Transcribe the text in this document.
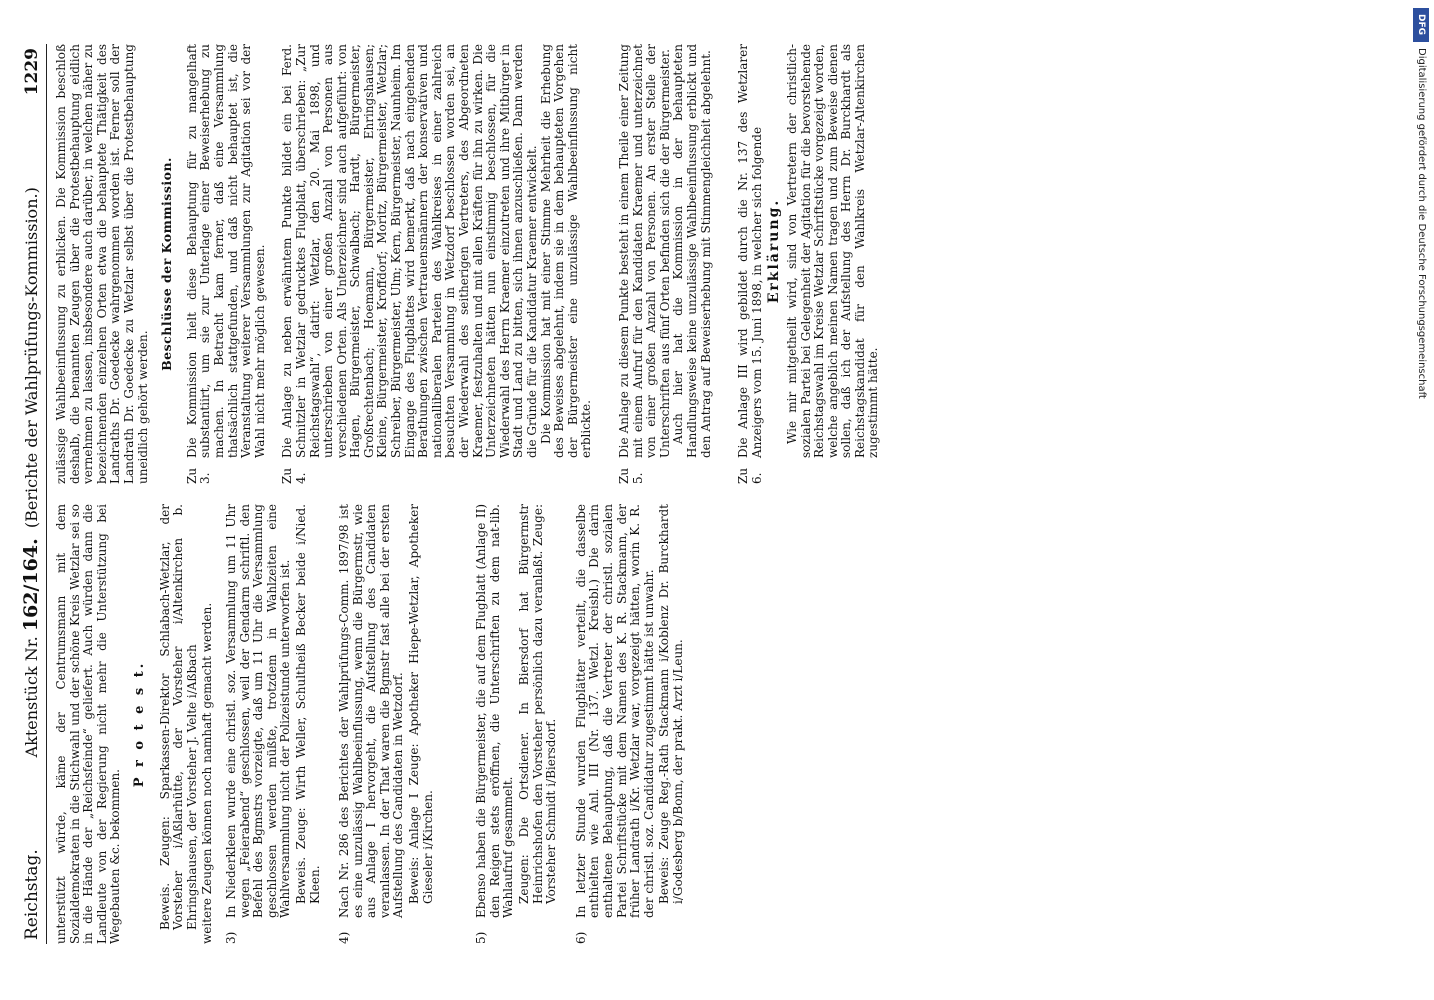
DFG
Digitalisierung gefördert durch die Deutsche Forschungsgemeinschaft
Reichstag.
Aktenstück Nr. 162/164.  (Berichte der Wahlprüfungs-Kommission.)
1229
unterstützt würde, käme der Centrumsmann mit dem Sozialdemokraten in die Stichwahl und der schöne Kreis Wetzlar sei so in die Hände der „Reichsfeinde“ geliefert. Auch würden dann die Landleute von der Regierung nicht mehr die Unterstützung bei Wegebauten &c. bekommen.
P r o t e s t. Beweis. Zeugen: Sparkassen-Direktor Schlabach-Wetzlar, der Vorsteher i/Aßlarhütte, der Vorsteher i/Altenkirchen b. Ehringshausen, der Vorsteher J. Velte i/Aßbach weitere Zeugen können noch namhaft gemacht werden. 3)
In Niederkleen wurde eine christl. soz. Versammlung um 11 Uhr wegen „Feierabend“ geschlossen, weil der Gendarm schriftl. den Befehl des Bgmstrs vorzeigte, daß um 11 Uhr die Versammlung geschlossen werden müßte, trotzdem in Wahlzeiten eine Wahlversammlung nicht der Polizeistunde unterworfen ist. Beweis. Zeuge: Wirth Weller, Schultheiß Becker beide i/Nied. Kleen.
4)
Nach Nr. 286 des Berichtes der Wahlprüfungs-Comm. 1897/98 ist es eine unzulässig Wahlbeeinflussung, wenn die Bürgermstr, wie aus Anlage I hervorgeht, die Aufstellung des Candidaten veranlassen. In der That waren die Bgmstr fast alle bei der ersten Aufstellung des Candidaten in Wetzdorf. Beweis: Anlage I Zeuge: Apotheker Hiepe-Wetzlar, Apotheker Gieseler i/Kirchen.
5)
Ebenso haben die Bürgermeister, die auf dem Flugblatt (Anlage II) den Reigen stets eröffnen, die Unterschriften zu dem nat-lib. Wahlaufruf gesammelt. Zeugen: Die Ortsdiener. In Biersdorf hat Bürgermstr Heinrichshofen den Vorsteher persönlich dazu veranlaßt. Zeuge: Vorsteher Schmidt i/Biersdorf.
6)
In letzter Stunde wurden Flugblätter verteilt, die dasselbe enthielten wie Anl. III (Nr. 137. Wetzl. Kreisbl.) Die darin enthaltene Behauptung, daß die Vertreter der christl. sozialen Partei Schriftstücke mit dem Namen des K. R. Stackmann, der früher Landrath i/Kr. Wetzlar war, vorgezeigt hätten, worin K. R. der christl. soz. Candidatur zugestimmt hätte ist unwahr. Beweis: Zeuge Reg.-Rath Stackmann i/Koblenz Dr. Burckhardt i/Godesberg b/Bonn, der prakt. Arzt i/Leun.
zulässige Wahlbeeinflussung zu erblicken. Die Kommission beschloß deshalb, die benannten Zeugen über die Protestbehauptung eidlich vernehmen zu lassen, insbesondere auch darüber, in welchen näher zu bezeichnenden einzelnen Orten etwa die behauptete Thätigkeit des Landraths Dr. Goedecke wahrgenommen worden ist. Ferner soll der Landrath Dr. Goedecke zu Wetzlar selbst über die Protestbehauptung uneidlich gehört werden.
Beschlüsse der Kommission.
Zu 3.
Die Kommission hielt diese Behauptung für zu mangelhaft substantiirt, um sie zur Unterlage einer Beweiserhebung zu machen. In Betracht kam ferner, daß eine Versammlung thatsächlich stattgefunden, und daß nicht behauptet ist, die Veranstaltung weiterer Versammlungen zur Agitation sei vor der Wahl nicht mehr möglich gewesen.
Zu 4.
Die Anlage zu neben erwähntem Punkte bildet ein bei Ferd. Schnitzler in Wetzlar gedrucktes Flugblatt, überschrieben: „Zur Reichstagswahl“, datirt: Wetzlar, den 20. Mai 1898, und unterschrieben von einer großen Anzahl von Personen aus verschiedenen Orten. Als Unterzeichner sind auch aufgeführt: von Hagen, Bürgermeister, Schwalbach; Hardt, Bürgermeister, Großrechtenbach; Hoemann, Bürgermeister, Ehringshausen; Kleine, Bürgermeister, Kroffdorf; Moritz, Bürgermeister, Wetzlar; Schreiber, Bürgermeister, Ulm; Kern, Bürgermeister, Naunheim. Im Eingange des Flugblattes wird bemerkt, daß nach eingehenden Berathungen zwischen Vertrauensmännern der konservativen und nationalliberalen Parteien des Wahlkreises in einer zahlreich besuchten Versammlung in Wetzdorf beschlossen worden sei, an der Wiederwahl des seitherigen Vertreters, des Abgeordneten Kraemer, festzuhalten und mit allen Kräften für ihn zu wirken. Die Unterzeichneten hätten nun einstimmig beschlossen, für die Wiederwahl des Herrn Kraemer einzutreten und ihre Mitbürger in Stadt und Land zu bitten, sich ihnen anzuschließen. Dann werden die Gründe für die Kandidatur Kraemer entwickelt. Die Kommission hat mit einer Stimme Mehrheit die Erhebung des Beweises abgelehnt, indem sie in dem behaupteten Vorgehen der Bürgermeister eine unzulässige Wahlbeeinflussung nicht erblickte.
Zu 5.
Die Anlage zu diesem Punkte besteht in einem Theile einer Zeitung mit einem Aufruf für den Kandidaten Kraemer und unterzeichnet von einer großen Anzahl von Personen. An erster Stelle der Unterschriften aus fünf Orten befinden sich die der Bürgermeister. Auch hier hat die Kommission in der behaupteten Handlungsweise keine unzulässige Wahlbeeinflussung erblickt und den Antrag auf Beweiserhebung mit Stimmengleichheit abgelehnt.
Zu 6.
Die Anlage III wird gebildet durch die Nr. 137 des Wetzlarer Anzeigers vom 15. Juni 1898, in welcher sich folgende Erklärung. Wie mir mitgetheilt wird, sind von Vertretern der christlich-sozialen Partei bei Gelegenheit der Agitation für die bevorstehende Reichstagswahl im Kreise Wetzlar Schriftstücke vorgezeigt worden, welche angeblich meinen Namen tragen und zum Beweise dienen sollen, daß ich der Aufstellung des Herrn Dr. Burckhardt als Reichstagskandidat für den Wahlkreis Wetzlar-Altenkirchen zugestimmt hätte.
